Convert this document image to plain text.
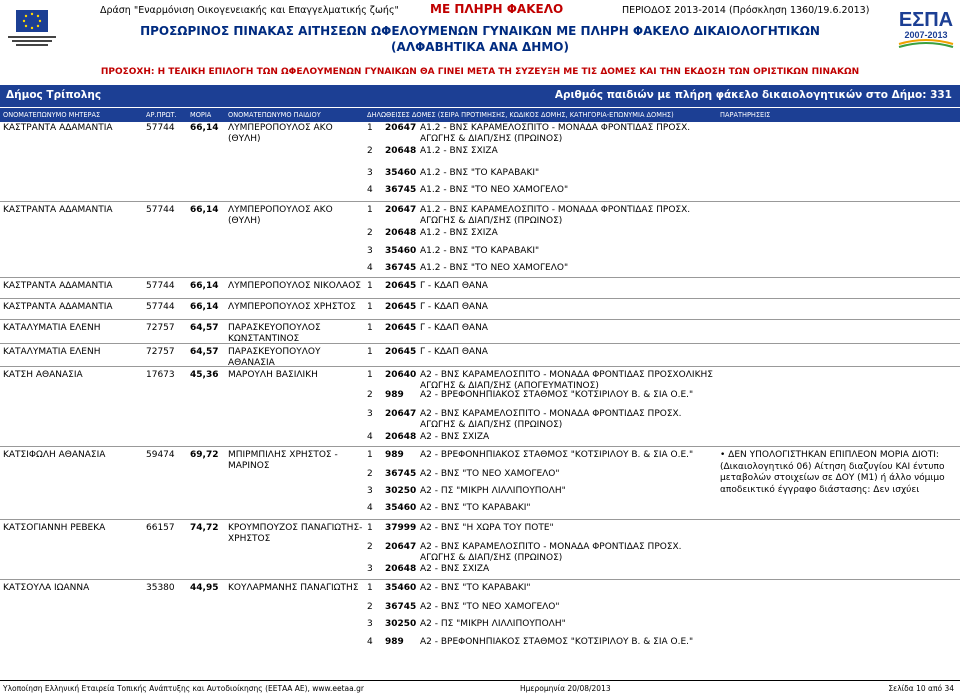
Δράση "Εναρμόνιση Οικογενειακής και Επαγγελματικής ζωής"	ΜΕ ΠΛΗΡΗ ΦΑΚΕΛΟ	ΠΕΡΙΟΔΟΣ 2013-2014 (Πρόσκληση 1360/19.6.2013) ΕΣΠΑ
2007-2013
ΠΡΟΣΩΡΙΝΟΣ ΠΙΝΑΚΑΣ ΑΙΤΗΣΕΩΝ ΩΦΕΛΟΥΜΕΝΩΝ ΓΥΝΑΙΚΩΝ ΜΕ ΠΛΗΡΗ ΦΑΚΕΛΟ ΔΙΚΑΙΟΛΟΓΗΤΙΚΩΝ
(ΑΛΦΑΒΗΤΙΚΑ ΑΝΑ ΔΗΜΟ)
ΠΡΟΣΟΧΗ: Η ΤΕΛΙΚΗ ΕΠΙΛΟΓΗ ΤΩΝ ΩΦΕΛΟΥΜΕΝΩΝ ΓΥΝΑΙΚΩΝ ΘΑ ΓΙΝΕΙ ΜΕΤΑ ΤΗ ΣΥΖΕΥΞΗ ΜΕ ΤΙΣ ΔΟΜΕΣ ΚΑΙ ΤΗΝ ΕΚΔΟΣΗ ΤΩΝ ΟΡΙΣΤΙΚΩΝ ΠΙΝΑΚΩΝ
Δήμος Τρίπολης	Αριθμός παιδιών με πλήρη φάκελο δικαιολογητικών στο Δήμο: 331
ΟΝΟΜΑΤΕΠΩΝΥΜΟ ΜΗΤΕΡΑΣ	ΑΡ.ΠΡΩΤ. ΜΟΡΙΑ	ΟΝΟΜΑΤΕΠΩΝΥΜΟ ΠΑΙΔΙΟΥ	ΔΗΛΩΘΕΙΣΕΣ ΔΟΜΕΣ (ΣΕΙΡΑ ΠΡΟΤΙΜΗΣΗΣ, ΚΩΔΙΚΟΣ ΔΟΜΗΣ, ΚΑΤΗΓΟΡΙΑ-ΕΠΩΝΥΜΙΑ ΔΟΜΗΣ)	ΠΑΡΑΤΗΡΗΣΕΙΣ
ΚΑΣΤΡΑΝΤΑ ΑΔΑΜΑΝΤΙΑ	57744 66,14 ΛΥΜΠΕΡΟΠΟΥΛΟΣ ΑΚΟ (ΘΥΛΗ)
1 20647 Α1.2 - ΒΝΣ ΚΑΡΑΜΕΛΟΣΠΙΤΟ - ΜΟΝΑΔΑ ΦΡΟΝΤΙΔΑΣ ΠΡΟΣΧ. ΑΓΩΓΗΣ & ΔΙΑΠ/ΣΗΣ (ΠΡΩΙΝΟΣ)
2 20648 Α1.2 - ΒΝΣ ΣΧΙΖΑ
3 35460 Α1.2 - ΒΝΣ "ΤΟ ΚΑΡΑΒΑΚΙ"
4 36745 Α1.2 - ΒΝΣ "ΤΟ ΝΕΟ ΧΑΜΟΓΕΛΟ"
ΚΑΣΤΡΑΝΤΑ ΑΔΑΜΑΝΤΙΑ	57744 66,14 ΛΥΜΠΕΡΟΠΟΥΛΟΣ ΑΚΟ (ΘΥΛΗ)
1 20647 Α1.2 - ΒΝΣ ΚΑΡΑΜΕΛΟΣΠΙΤΟ - ΜΟΝΑΔΑ ΦΡΟΝΤΙΔΑΣ ΠΡΟΣΧ. ΑΓΩΓΗΣ & ΔΙΑΠ/ΣΗΣ (ΠΡΩΙΝΟΣ)
2 20648 Α1.2 - ΒΝΣ ΣΧΙΖΑ
3 35460 Α1.2 - ΒΝΣ "ΤΟ ΚΑΡΑΒΑΚΙ"
4 36745 Α1.2 - ΒΝΣ "ΤΟ ΝΕΟ ΧΑΜΟΓΕΛΟ"
ΚΑΣΤΡΑΝΤΑ ΑΔΑΜΑΝΤΙΑ	57744 66,14 ΛΥΜΠΕΡΟΠΟΥΛΟΣ ΝΙΚΟΛΑΟΣ 1 20645 Γ - ΚΔΑΠ ΘΑΝΑ
ΚΑΣΤΡΑΝΤΑ ΑΔΑΜΑΝΤΙΑ	57744 66,14 ΛΥΜΠΕΡΟΠΟΥΛΟΣ ΧΡΗΣΤΟΣ	1 20645 Γ - ΚΔΑΠ ΘΑΝΑ
ΚΑΤΑΛΥΜΑΤΙΑ ΕΛΕΝΗ	72757 64,57 ΠΑΡΑΣΚΕΥΟΠΟΥΛΟΣ ΚΩΝΣΤΑΝΤΙΝΟΣ
1 20645 Γ - ΚΔΑΠ ΘΑΝΑ
ΚΑΤΑΛΥΜΑΤΙΑ ΕΛΕΝΗ	72757 64,57 ΠΑΡΑΣΚΕΥΟΠΟΥΛΟΥ ΑΘΑΝΑΣΙΑ
1 20645 Γ - ΚΔΑΠ ΘΑΝΑ
ΚΑΤΣΗ ΑΘΑΝΑΣΙΑ	17673 45,36 ΜΑΡΟΥΛΗ ΒΑΣΙΛΙΚΗ	1 20640 Α2 - ΒΝΣ ΚΑΡΑΜΕΛΟΣΠΙΤΟ - ΜΟΝΑΔΑ ΦΡΟΝΤΙΔΑΣ ΠΡΟΣΧΟΛΙΚΗΣ ΑΓΩΓΗΣ & ΔΙΑΠ/ΣΗΣ (ΑΠΟΓΕΥΜΑΤΙΝΟΣ)
2 989 Α2 - ΒΡΕΦΟΝΗΠΙΑΚΟΣ ΣΤΑΘΜΟΣ "ΚΟΤΣΙΡΙΛΟΥ Β. & ΣΙΑ Ο.Ε."
3 20647 Α2 - ΒΝΣ ΚΑΡΑΜΕΛΟΣΠΙΤΟ - ΜΟΝΑΔΑ ΦΡΟΝΤΙΔΑΣ ΠΡΟΣΧ. ΑΓΩΓΗΣ & ΔΙΑΠ/ΣΗΣ (ΠΡΩΙΝΟΣ)
4 20648 Α2 - ΒΝΣ ΣΧΙΖΑ
ΚΑΤΣΙΦΩΛΗ ΑΘΑΝΑΣΙΑ	59474 69,72 ΜΠΙΡΜΠΙΛΗΣ ΧΡΗΣΤΟΣ - ΜΑΡΙΝΟΣ
1 989 Α2 - ΒΡΕΦΟΝΗΠΙΑΚΟΣ ΣΤΑΘΜΟΣ "ΚΟΤΣΙΡΙΛΟΥ Β. & ΣΙΑ Ο.Ε."
2 36745 Α2 - ΒΝΣ "ΤΟ ΝΕΟ ΧΑΜΟΓΕΛΟ"
3 30250 Α2 - ΠΣ "ΜΙΚΡΗ ΛΙΛΛΙΠΟΥΠΟΛΗ"
4 35460 Α2 - ΒΝΣ "ΤΟ ΚΑΡΑΒΑΚΙ"
• ΔΕΝ ΥΠΟΛΟΓΙΣΤΗΚΑΝ ΕΠΙΠΛΕΟΝ ΜΟΡΙΑ ΔΙΟΤΙ: (Δικαιολογητικό 06) Αίτηση διαζυγίου ΚΑΙ έντυπο μεταβολών στοιχείων σε ΔΟΥ (Μ1) ή άλλο νόμιμο αποδεικτικό έγγραφο διάστασης: Δεν ισχύει
ΚΑΤΣΟΓΙΑΝΝΗ ΡΕΒΕΚΑ	66157 74,72 ΚΡΟΥΜΠΟΥΖΟΣ ΠΑΝΑΓΙΩΤΗΣ-ΧΡΗΣΤΟΣ
1 37999 Α2 - ΒΝΣ "Η ΧΩΡΑ ΤΟΥ ΠΟΤΕ"
2 20647 Α2 - ΒΝΣ ΚΑΡΑΜΕΛΟΣΠΙΤΟ - ΜΟΝΑΔΑ ΦΡΟΝΤΙΔΑΣ ΠΡΟΣΧ. ΑΓΩΓΗΣ & ΔΙΑΠ/ΣΗΣ (ΠΡΩΙΝΟΣ)
3 20648 Α2 - ΒΝΣ ΣΧΙΖΑ
ΚΑΤΣΟΥΛΑ ΙΩΑΝΝΑ	35380 44,95 ΚΟΥΛΑΡΜΑΝΗΣ ΠΑΝΑΓΙΩΤΗΣ 1 35460 Α2 - ΒΝΣ "ΤΟ ΚΑΡΑΒΑΚΙ"
2 36745 Α2 - ΒΝΣ "ΤΟ ΝΕΟ ΧΑΜΟΓΕΛΟ"
3 30250 Α2 - ΠΣ "ΜΙΚΡΗ ΛΙΛΛΙΠΟΥΠΟΛΗ"
4 989 Α2 - ΒΡΕΦΟΝΗΠΙΑΚΟΣ ΣΤΑΘΜΟΣ "ΚΟΤΣΙΡΙΛΟΥ Β. & ΣΙΑ Ο.Ε."
Υλοποίηση Ελληνική Εταιρεία Τοπικής Ανάπτυξης και Αυτοδιοίκησης (ΕΕΤΑΑ ΑΕ), www.eetaa.gr	Ημερομηνία 20/08/2013	Σελίδα 10 από 34
